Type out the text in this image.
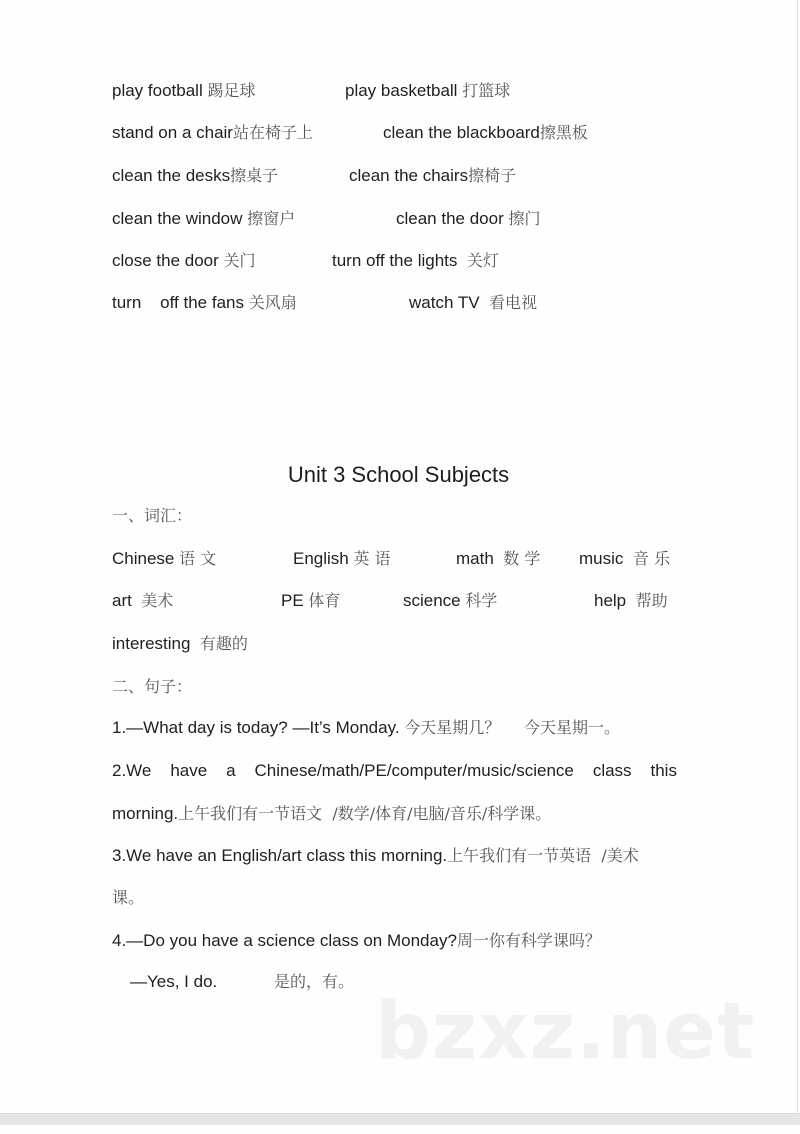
play football 踢足球	play basketball 打篮球
stand on a chair站在椅子上	clean the blackboard擦黑板
clean the desks擦桌子	clean the chairs擦椅子
clean the window 擦窗户	clean the door 擦门
close the door 关门	turn off the lights 关灯
turn    off the fans 关风扇	watch TV 看电视
Unit 3 School Subjects
一、词汇：
Chinese 语 文	English 英 语	math 数 学 music 音 乐
art 美术	PE 体育	science 科学	help 帮助
interesting 有趣的
二、句子：
1.—What day is today? —It’s Monday. 今天星期几？ 今天星期一。
2.We have a Chinese/math/PE/computer/music/science class this
morning.上午我们有一节语文  /数学/体育/电脑/音乐/科学课。
3.We have an English/art class this morning.上午我们有一节英语  /美术
课。
4.—Do you have a science class on Monday?周一你有科学课吗？
—Yes, I do.	是的，有。
bzxz.net
